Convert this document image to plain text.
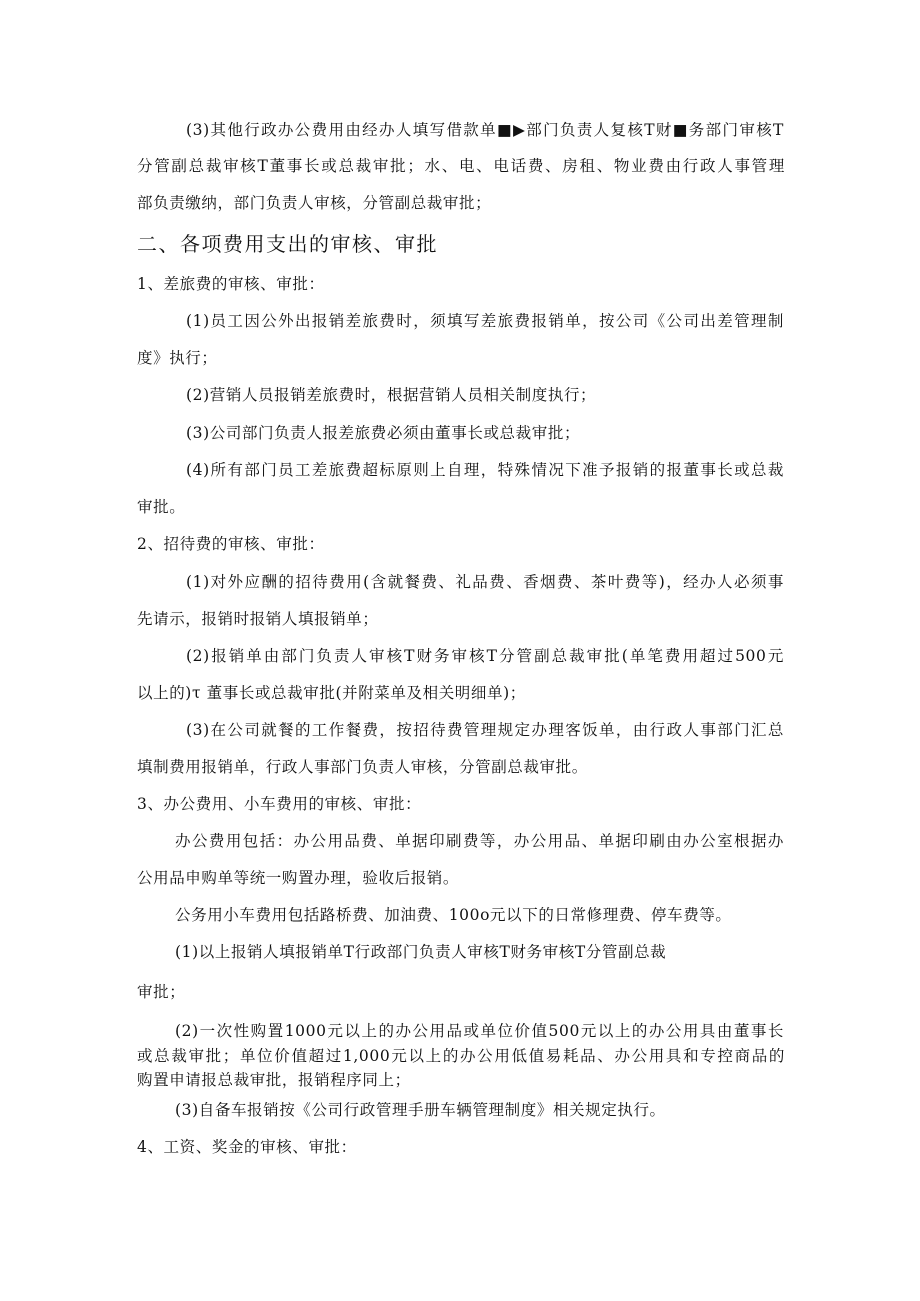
(3)其他行政办公费用由经办人填写借款单■▶部门负责人复核T财■务部门审核T
分管副总裁审核T董事长或总裁审批；水、电、电话费、房租、物业费由行政人事管理
部负责缴纳，部门负责人审核，分管副总裁审批；
二、各项费用支出的审核、审批
1、差旅费的审核、审批：
(1)员工因公外出报销差旅费时，须填写差旅费报销单，按公司《公司出差管理制
度》执行；
(2)营销人员报销差旅费时，根据营销人员相关制度执行；
(3)公司部门负责人报差旅费必须由董事长或总裁审批；
(4)所有部门员工差旅费超标原则上自理，特殊情况下准予报销的报董事长或总裁
审批。
2、招待费的审核、审批：
(1)对外应酬的招待费用(含就餐费、礼品费、香烟费、茶叶费等)，经办人必须事
先请示，报销时报销人填报销单；
(2)报销单由部门负责人审核T财务审核T分管副总裁审批(单笔费用超过500元
以上的)τ 董事长或总裁审批(并附菜单及相关明细单)；
(3)在公司就餐的工作餐费，按招待费管理规定办理客饭单，由行政人事部门汇总
填制费用报销单，行政人事部门负责人审核，分管副总裁审批。
3、办公费用、小车费用的审核、审批：
办公费用包括：办公用品费、单据印刷费等，办公用品、单据印刷由办公室根据办
公用品申购单等统一购置办理，验收后报销。
公务用小车费用包括路桥费、加油费、100o元以下的日常修理费、停车费等。
(1)以上报销人填报销单T行政部门负责人审核T财务审核T分管副总裁
审批；
(2)一次性购置1000元以上的办公用品或单位价值500元以上的办公用具由董事长
或总裁审批；单位价值超过1,000元以上的办公用低值易耗品、办公用具和专控商品的
购置申请报总裁审批，报销程序同上；
(3)自备车报销按《公司行政管理手册车辆管理制度》相关规定执行。
4、工资、奖金的审核、审批：
